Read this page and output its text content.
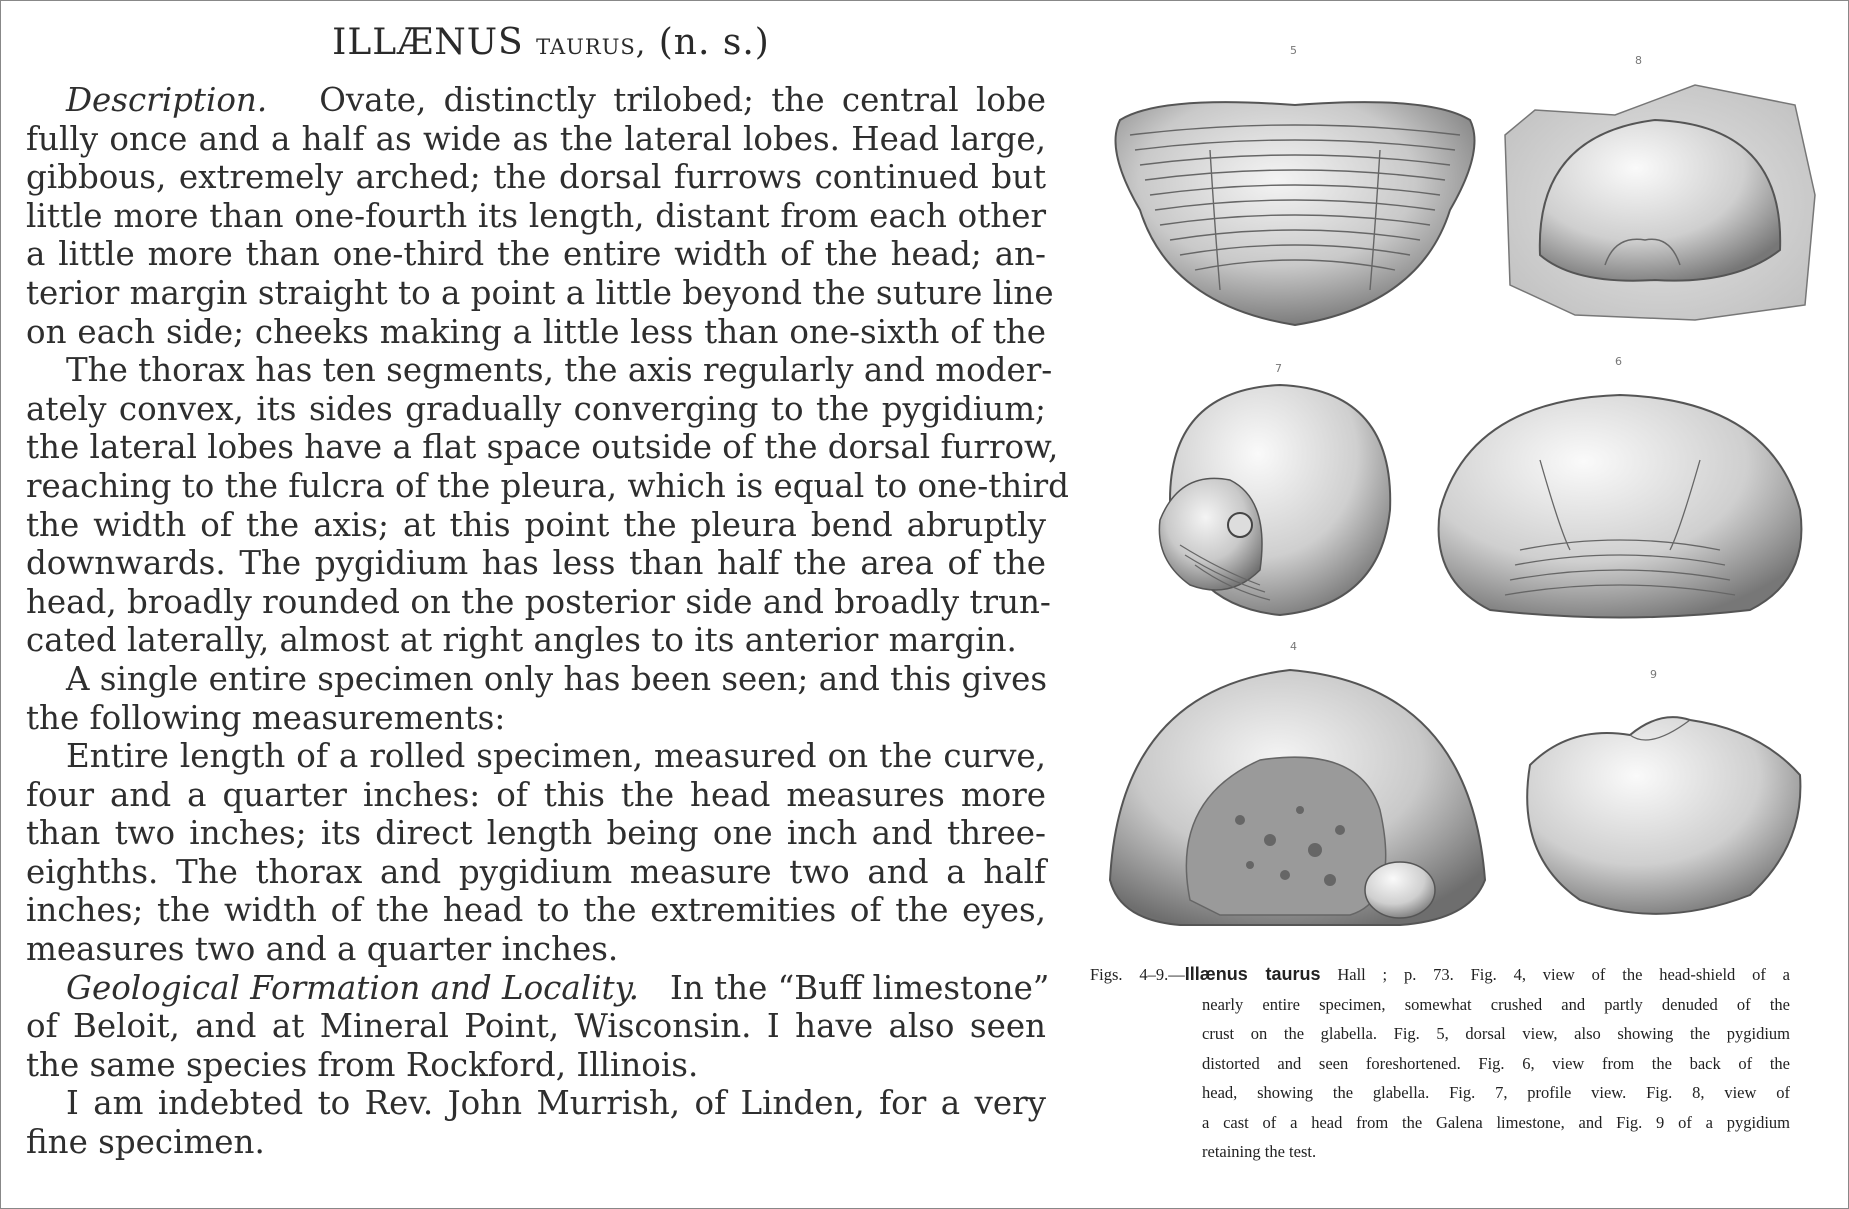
ILLÆNUS taurus, (n. s.)
Description. Ovate, distinctly trilobed; the central lobe
fully once and a half as wide as the lateral lobes. Head large,
gibbous, extremely arched; the dorsal furrows continued but
little more than one-fourth its length, distant from each other
a little more than one-third the entire width of the head; an-
terior margin straight to a point a little beyond the suture line
on each side; cheeks making a little less than one-sixth of the
The thorax has ten segments, the axis regularly and moder-
ately convex, its sides gradually converging to the pygidium;
the lateral lobes have a flat space outside of the dorsal furrow,
reaching to the fulcra of the pleura, which is equal to one-third
the width of the axis; at this point the pleura bend abruptly
downwards. The pygidium has less than half the area of the
head, broadly rounded on the posterior side and broadly trun-
cated laterally, almost at right angles to its anterior margin.
A single entire specimen only has been seen; and this gives
the following measurements:
Entire length of a rolled specimen, measured on the curve,
four and a quarter inches: of this the head measures more
than two inches; its direct length being one inch and three-
eighths. The thorax and pygidium measure two and a half
inches; the width of the head to the extremities of the eyes,
measures two and a quarter inches.
Geological Formation and Locality. In the “Buff limestone”
of Beloit, and at Mineral Point, Wisconsin. I have also seen
the same species from Rockford, Illinois.
I am indebted to Rev. John Murrish, of Linden, for a very
fine specimen.
5
8
7
6
4
9
Figs. 4–9.—Illænus taurus Hall ; p. 73. Fig. 4, view of the head-shield of a
nearly entire specimen, somewhat crushed and partly denuded of the
crust on the glabella. Fig. 5, dorsal view, also showing the pygidium
distorted and seen foreshortened. Fig. 6, view from the back of the
head, showing the glabella. Fig. 7, profile view. Fig. 8, view of
a cast of a head from the Galena limestone, and Fig. 9 of a pygidium
retaining the test.
